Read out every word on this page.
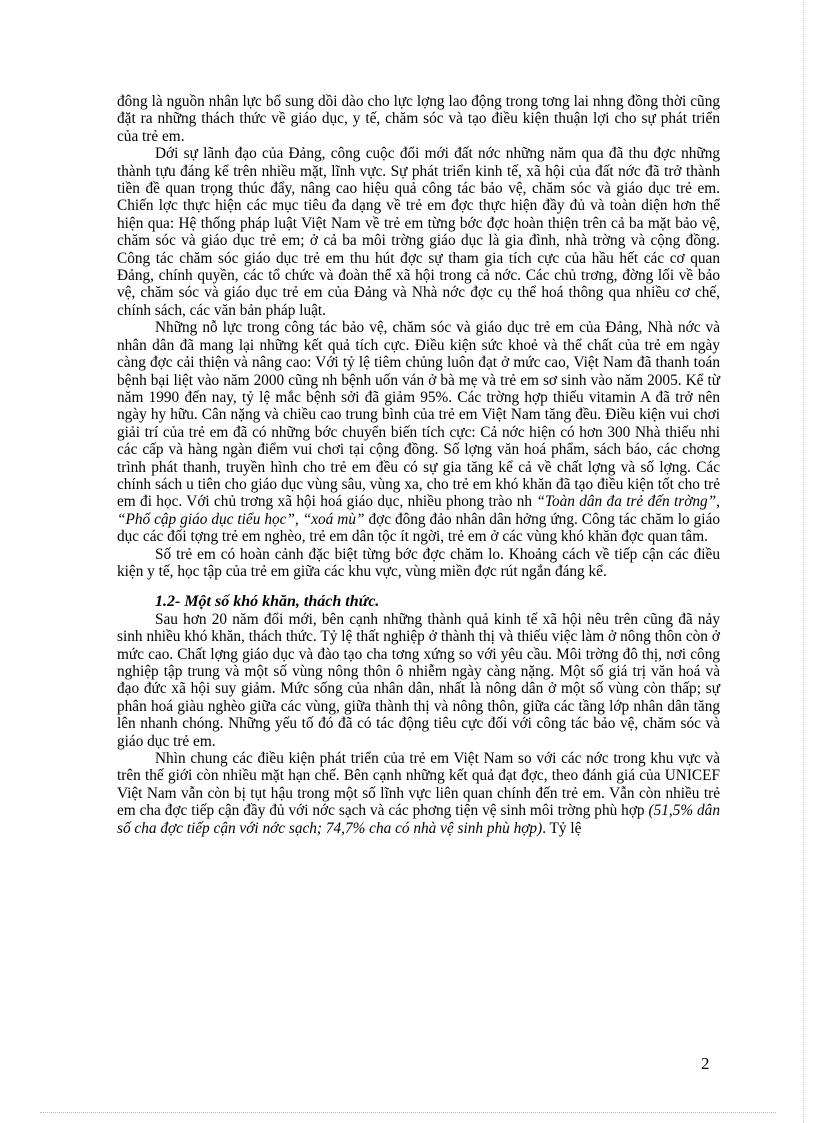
đông là nguồn nhân lực bổ sung dồi dào cho lực lợng lao động trong tơng lai nhng đồng thời cũng đặt ra những thách thức về giáo dục, y tế, chăm sóc và tạo điều kiện thuận lợi cho sự phát triển của trẻ em.

Dới sự lãnh đạo của Đảng, công cuộc đổi mới đất nớc những năm qua đã thu đợc những thành tựu đáng kể trên nhiều mặt, lĩnh vực. Sự phát triển kinh tế, xã hội của đất nớc đã trở thành tiền đề quan trọng thúc đẩy, nâng cao hiệu quả công tác bảo vệ, chăm sóc và giáo dục trẻ em. Chiến lợc thực hiện các mục tiêu đa dạng về trẻ em đợc thực hiện đầy đủ và toàn diện hơn thể hiện qua: Hệ thống pháp luật Việt Nam về trẻ em từng bớc đợc hoàn thiện trên cả ba mặt bảo vệ, chăm sóc và giáo dục trẻ em; ở cả ba môi trờng giáo dục là gia đình, nhà trờng và cộng đồng. Công tác chăm sóc giáo dục trẻ em thu hút đợc sự tham gia tích cực của hầu hết các cơ quan Đảng, chính quyền, các tổ chức và đoàn thể xã hội trong cả nớc. Các chủ trơng, đờng lối về bảo vệ, chăm sóc và giáo dục trẻ em của Đảng và Nhà nớc đợc cụ thể hoá thông qua nhiều cơ chế, chính sách, các văn bản pháp luật.

Những nỗ lực trong công tác bảo vệ, chăm sóc và giáo dục trẻ em của Đảng, Nhà nớc và nhân dân đã mang lại những kết quả tích cực. Điều kiện sức khoẻ và thể chất của trẻ em ngày càng đợc cải thiện và nâng cao: Với tỷ lệ tiêm chủng luôn đạt ở mức cao, Việt Nam đã thanh toán bệnh bại liệt vào năm 2000 cũng nh bệnh uốn ván ở bà mẹ và trẻ em sơ sinh vào năm 2005. Kể từ năm 1990 đến nay, tỷ lệ mắc bệnh sởi đã giảm 95%. Các trờng hợp thiếu vitamin A đã trở nên ngày hy hữu. Cân nặng và chiều cao trung bình của trẻ em Việt Nam tăng đều. Điều kiện vui chơi giải trí của trẻ em đã có những bớc chuyển biến tích cực: Cả nớc hiện có hơn 300 Nhà thiếu nhi các cấp và hàng ngàn điểm vui chơi tại cộng đồng. Số lợng văn hoá phẩm, sách báo, các chơng trình phát thanh, truyền hình cho trẻ em đều có sự gia tăng kể cả về chất lợng và số lợng. Các chính sách u tiên cho giáo dục vùng sâu, vùng xa, cho trẻ em khó khăn đã tạo điều kiện tốt cho trẻ em đi học. Với chủ trơng xã hội hoá giáo dục, nhiều phong trào nh “Toàn dân đa trẻ đến trờng”, “Phổ cập giáo dục tiểu học”, “xoá mù” đợc đông đảo nhân dân hởng ứng. Công tác chăm lo giáo dục các đối tợng trẻ em nghèo, trẻ em dân tộc ít ngời, trẻ em ở các vùng khó khăn đợc quan tâm.

Số trẻ em có hoàn cảnh đặc biệt từng bớc đợc chăm lo. Khoảng cách về tiếp cận các điều kiện y tế, học tập của trẻ em giữa các khu vực, vùng miền đợc rút ngắn đáng kể.

1.2- Một số khó khăn, thách thức.

Sau hơn 20 năm đổi mới, bên cạnh những thành quả kinh tế xã hội nêu trên cũng đã nảy sinh nhiều khó khăn, thách thức. Tỷ lệ thất nghiệp ở thành thị và thiếu việc làm ở nông thôn còn ở mức cao. Chất lợng giáo dục và đào tạo cha tơng xứng so với yêu cầu. Môi trờng đô thị, nơi công nghiệp tập trung và một số vùng nông thôn ô nhiễm ngày càng nặng. Một số giá trị văn hoá và đạo đức xã hội suy giảm. Mức sống của nhân dân, nhất là nông dân ở một số vùng còn thấp; sự phân hoá giàu nghèo giữa các vùng, giữa thành thị và nông thôn, giữa các tầng lớp nhân dân tăng lên nhanh chóng. Những yếu tố đó đã có tác động tiêu cực đối với công tác bảo vệ, chăm sóc và giáo dục trẻ em.

Nhìn chung các điều kiện phát triển của trẻ em Việt Nam so với các nớc trong khu vực và trên thế giới còn nhiều mặt hạn chế. Bên cạnh những kết quả đạt đợc, theo đánh giá của UNICEF Việt Nam vẫn còn bị tụt hậu trong một số lĩnh vực liên quan chính đến trẻ em. Vẫn còn nhiều trẻ em cha đợc tiếp cận đầy đủ với nớc sạch và các phơng tiện vệ sinh môi trờng phù hợp (51,5% dân số cha đợc tiếp cận với nớc sạch; 74,7% cha có nhà vệ sinh phù hợp). Tỷ lệ

2
